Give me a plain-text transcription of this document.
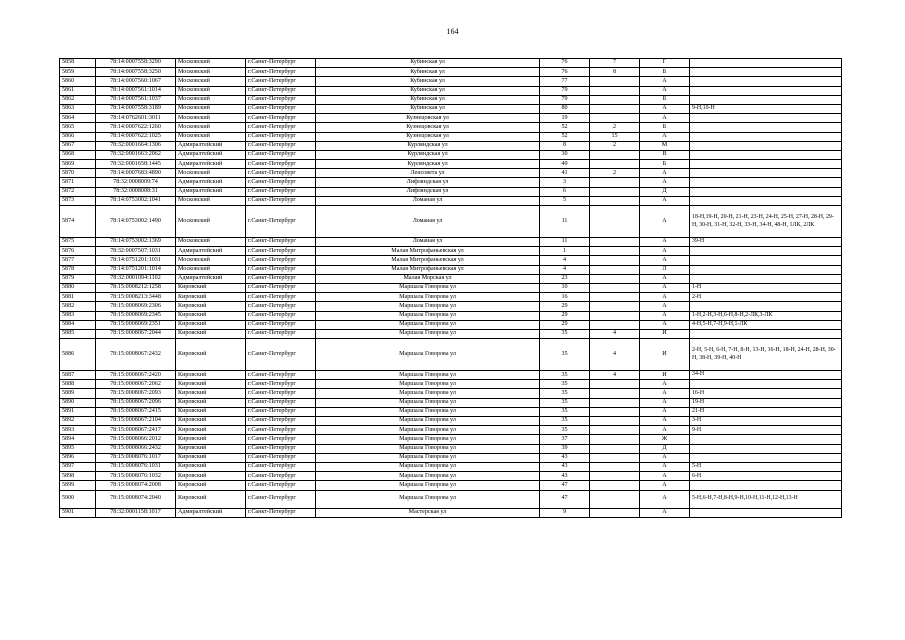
164
5858	78:14:0007558:3290	Московский	г.Санкт-Петербург	Кубинская ул	76	7	Г	
5859	78:14:0007558:3250	Московский	г.Санкт-Петербург	Кубинская ул	76	8	Б	
5860	78:14:0007560:1067	Московский	г.Санкт-Петербург	Кубинская ул	77		А	
5861	78:14:0007561:1014	Московский	г.Санкт-Петербург	Кубинская ул	79		А	
5862	78:14:0007561:1037	Московский	г.Санкт-Петербург	Кубинская ул	79		Б	
5863	78:14:0007558:3189	Московский	г.Санкт-Петербург	Кубинская ул	80		А	9-Н,10-Н
5864	78:14:0762601:3011	Московский	г.Санкт-Петербург	Кузнецовская ул	19		А	
5865	78:14:0007622:1260	Московский	г.Санкт-Петербург	Кузнецовская ул	52	2	Б	
5866	78:14:0007622:1025	Московский	г.Санкт-Петербург	Кузнецовская ул	52	15	А	
5867	78:32:0001664:1306	Адмиралтейский	г.Санкт-Петербург	Курляндская ул	8	2	М	
5868	78:32:0001663:2062	Адмиралтейский	г.Санкт-Петербург	Курляндская ул	30		В	
5869	78:32:0001658:1445	Адмиралтейский	г.Санкт-Петербург	Курляндская ул	49		Б	
5870	78:14:0007683:4890	Московский	г.Санкт-Петербург	Ленсовета ул	41	2	А	
5871	78:32:0008009:74	Адмиралтейский	г.Санкт-Петербург	Лифляндская ул	3		А	
5872	78:32:0008008:31	Адмиралтейский	г.Санкт-Петербург	Лифляндская ул	6		Д	
5873	78:14:0753002:1041	Московский	г.Санкт-Петербург	Ломаная ул	5		А	
5874	78:14:0753002:1490	Московский	г.Санкт-Петербург	Ломаная ул	11		А	18-Н,19-Н, 20-Н, 21-Н, 23-Н, 24-Н, 25-Н, 27-Н, 28-Н, 29-Н, 30-Н, 31-Н, 32-Н, 33-Н, 34-Н, 48-Н, 1ЛК, 2ЛК
5875	78:14:0753002:1369	Московский	г.Санкт-Петербург	Ломаная ул	11		А	39-Н
5876	78:32:0007507:1031	Адмиралтейский	г.Санкт-Петербург	Малая Митрофаньевская ул	1		А	
5877	78:14:0751201:1031	Московский	г.Санкт-Петербург	Малая Митрофаньевская ул	4		А	
5878	78:14:0751201:1014	Московский	г.Санкт-Петербург	Малая Митрофаньевская ул	4		Л	
5879	78:32:0001094:1102	Адмиралтейский	г.Санкт-Петербург	Малая Морская ул	23		А	
5880	78:15:0008212:1258	Кировский	г.Санкт-Петербург	Маршала Говорова ул	10		А	1-Н
5881	78:15:0008213:3448	Кировский	г.Санкт-Петербург	Маршала Говорова ул	16		А	2-Н
5882	78:15:0008069:2306	Кировский	г.Санкт-Петербург	Маршала Говорова ул	29		А	
5883	78:15:0008069:2345	Кировский	г.Санкт-Петербург	Маршала Говорова ул	29		А	1-Н,2-Н,3-Н,6-Н,8-Н,2-ЛК,3-ЛК
5884	78:15:0008069:2351	Кировский	г.Санкт-Петербург	Маршала Говорова ул	29		А	4-Н,5-Н,7-Н,9-Н,1-ЛК
5885	78:15:0008067:2044	Кировский	г.Санкт-Петербург	Маршала Говорова ул	35	4	И	
5886	78:15:0008067:2432	Кировский	г.Санкт-Петербург	Маршала Говорова ул	35	4	И	2-Н, 5-Н, 6-Н, 7-Н, 8-Н, 13-Н, 16-Н, 18-Н, 24-Н, 28-Н, 30-Н, 38-Н, 39-Н, 40-Н
5887	78:15:0008067:2420	Кировский	г.Санкт-Петербург	Маршала Говорова ул	35	4	И	34-Н
5888	78:15:0008067:2062	Кировский	г.Санкт-Петербург	Маршала Говорова ул	35		А	
5889	78:15:0008067:2093	Кировский	г.Санкт-Петербург	Маршала Говорова ул	35		А	16-Н
5890	78:15:0008067:2096	Кировский	г.Санкт-Петербург	Маршала Говорова ул	35		А	19-Н
5891	78:15:0008067:2415	Кировский	г.Санкт-Петербург	Маршала Говорова ул	35		А	21-Н
5892	78:15:0008067:2104	Кировский	г.Санкт-Петербург	Маршала Говорова ул	35		А	3-Н
5893	78:15:0008067:2417	Кировский	г.Санкт-Петербург	Маршала Говорова ул	35		А	9-Н
5894	78:15:0008066:2012	Кировский	г.Санкт-Петербург	Маршала Говорова ул	37		Ж	
5895	78:15:0008066:2432	Кировский	г.Санкт-Петербург	Маршала Говорова ул	39		Д	
5896	78:15:0008076:1017	Кировский	г.Санкт-Петербург	Маршала Говорова ул	43		А	
5897	78:15:0008076:1031	Кировский	г.Санкт-Петербург	Маршала Говорова ул	43		А	5-Н
5898	78:15:0008076:1032	Кировский	г.Санкт-Петербург	Маршала Говорова ул	43		А	6-Н
5899	78:15:0008074:2008	Кировский	г.Санкт-Петербург	Маршала Говорова ул	47		А	
5900	78:15:0008074:2040	Кировский	г.Санкт-Петербург	Маршала Говорова ул	47		А	5-Н,6-Н,7-Н,8-Н,9-Н,10-Н,11-Н,12-Н,13-Н
5901	78:32:0001158:1017	Адмиралтейский	г.Санкт-Петербург	Мастерская ул	9		А	
